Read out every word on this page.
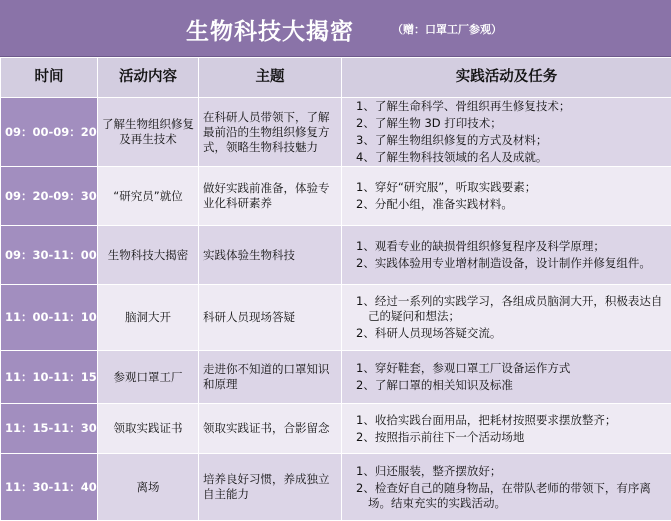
生物科技大揭密	（赠：口罩工厂参观）
时间	活动内容	主题	实践活动及任务
09：00-09：20	了解生物组织修复及再生技术	在科研人员带领下，了解最前沿的生物组织修复方式，领略生物科技魅力	1、了解生命科学、骨组织再生修复技术；
2、了解生物 3D 打印技术；
3、了解生物组织修复的方式及材料；
4、了解生物科技领域的名人及成就。

09：20-09：30	“研究员”就位	做好实践前准备，体验专业化科研素养	1、穿好“研究服”，听取实践要素；
2、分配小组，准备实践材料。

09：30-11：00	生物科技大揭密	实践体验生物科技	1、观看专业的缺损骨组织修复程序及科学原理；
2、实践体验用专业增材制造设备，设计制作并修复组件。

11：00-11：10	脑洞大开	科研人员现场答疑	1、经过一系列的实践学习，各组成员脑洞大开，积极表达自己的疑问和想法；
2、科研人员现场答疑交流。

11：10-11：15	参观口罩工厂	走进你不知道的口罩知识和原理	1、穿好鞋套，参观口罩工厂设备运作方式
2、了解口罩的相关知识及标准

11：15-11：30	领取实践证书	领取实践证书，合影留念	1、收拾实践台面用品，把耗材按照要求摆放整齐；
2、按照指示前往下一个活动场地

11：30-11：40	离场	培养良好习惯，养成独立自主能力	1、归还服装，整齐摆放好；
2、检查好自己的随身物品，在带队老师的带领下，有序离场。结束充实的实践活动。
